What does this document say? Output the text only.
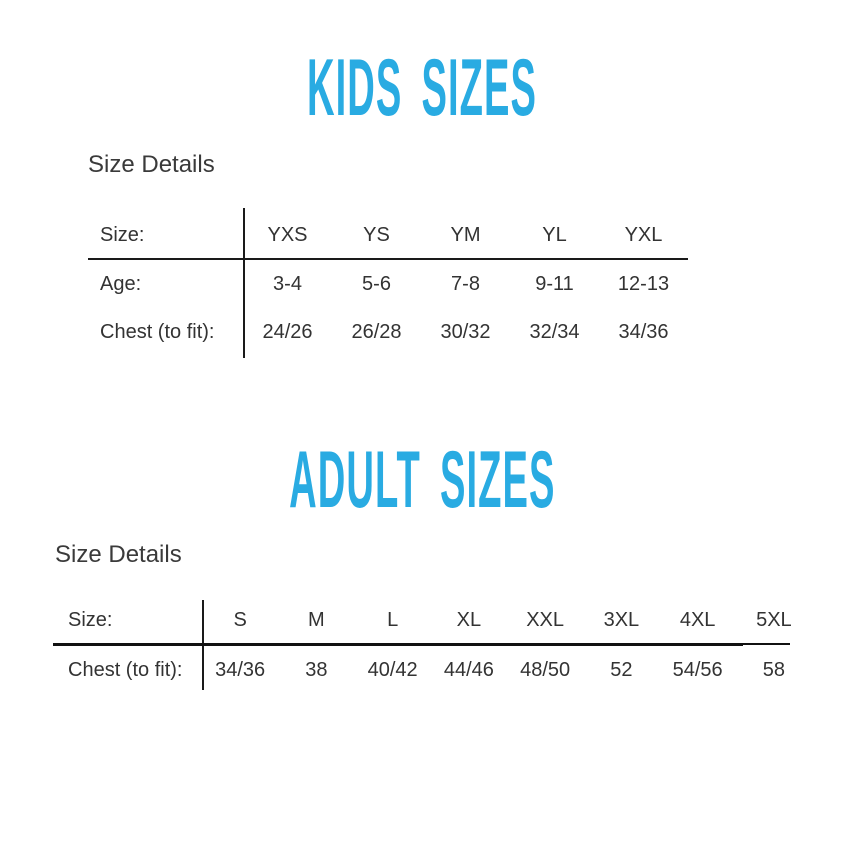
KIDS SIZES
Size Details
Size:	YXS	YS	YM	YL	YXL
Age:	3-4	5-6	7-8	9-11	12-13
Chest (to fit):	24/26	26/28	30/32	32/34	34/36
ADULT SIZES
Size Details
Size:	S	M	L	XL	XXL	3XL	4XL	5XL
Chest (to fit):	34/36	38	40/42	44/46	48/50	52	54/56	58
